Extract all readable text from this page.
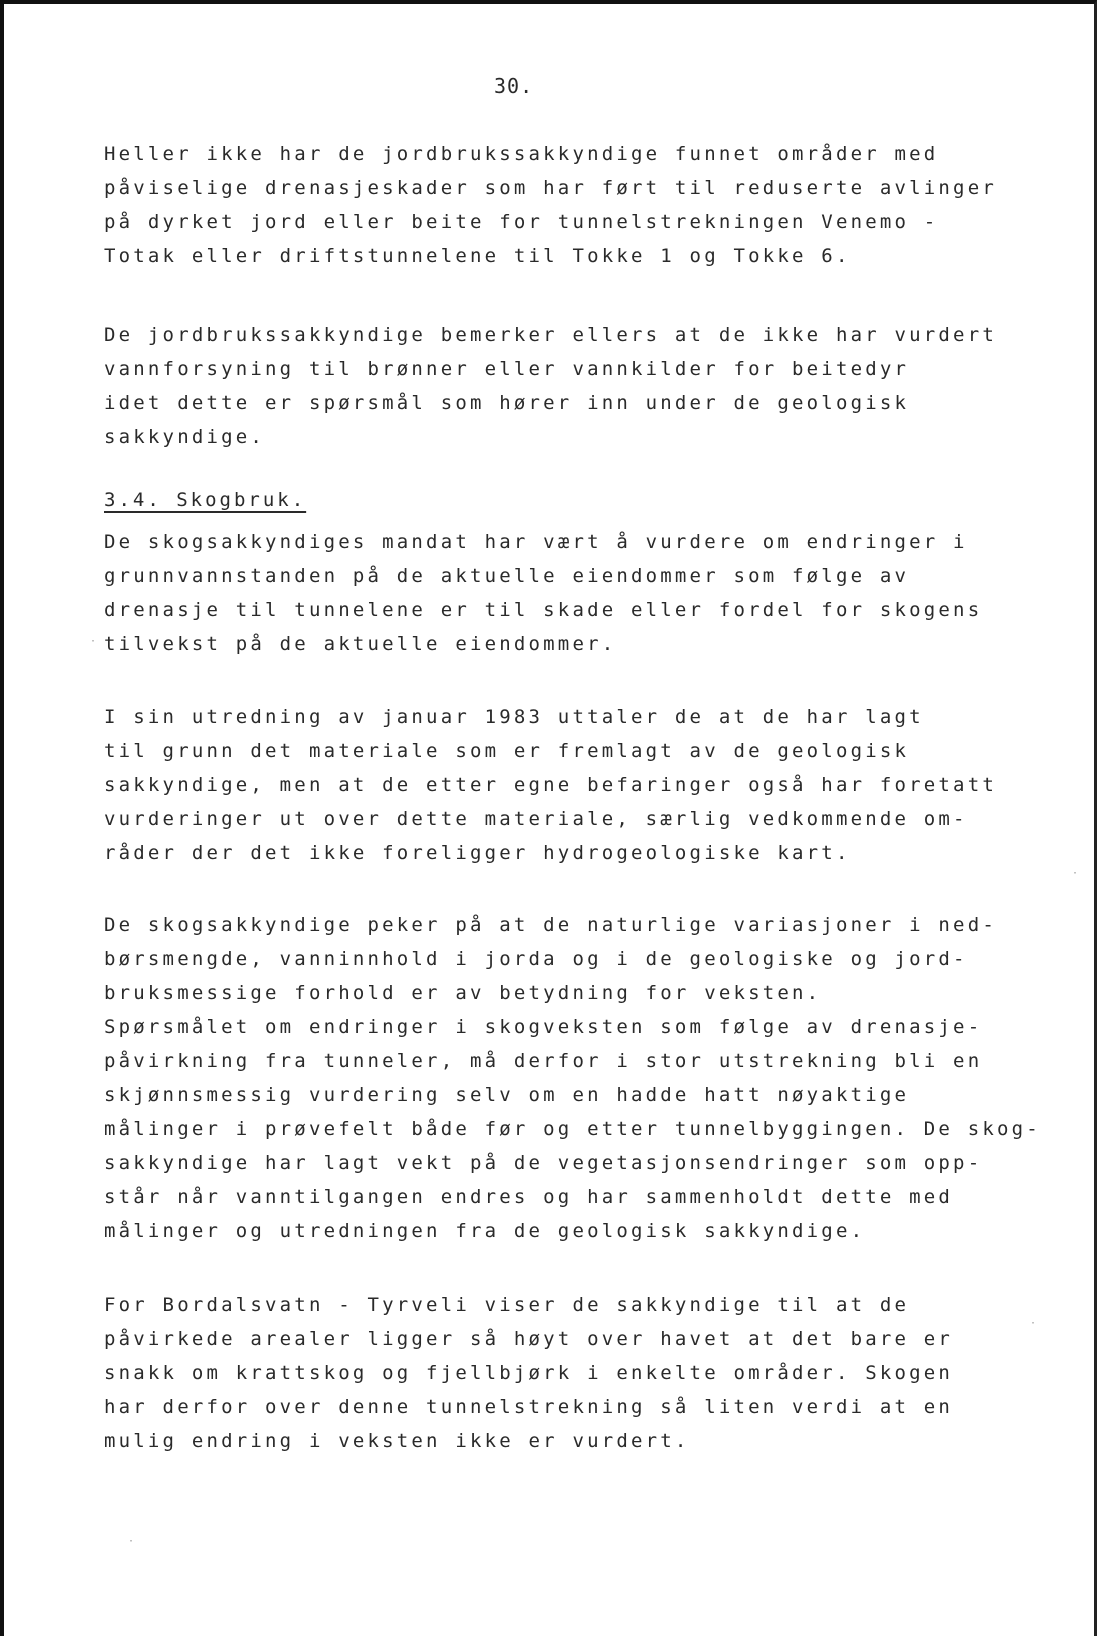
30.
Heller ikke har de jordbrukssakkyndige funnet områder med
påviselige drenasjeskader som har ført til reduserte avlinger
på dyrket jord eller beite for tunnelstrekningen Venemo -
Totak eller driftstunnelene til Tokke 1 og Tokke 6.
De jordbrukssakkyndige bemerker ellers at de ikke har vurdert
vannforsyning til brønner eller vannkilder for beitedyr
idet dette er spørsmål som hører inn under de geologisk
sakkyndige.
3.4. Skogbruk.
De skogsakkyndiges mandat har vært å vurdere om endringer i
grunnvannstanden på de aktuelle eiendommer som følge av
drenasje til tunnelene er til skade eller fordel for skogens
tilvekst på de aktuelle eiendommer.
I sin utredning av januar 1983 uttaler de at de har lagt
til grunn det materiale som er fremlagt av de geologisk
sakkyndige, men at de etter egne befaringer også har foretatt
vurderinger ut over dette materiale, særlig vedkommende om-
råder der det ikke foreligger hydrogeologiske kart.
De skogsakkyndige peker på at de naturlige variasjoner i ned-
børsmengde, vanninnhold i jorda og i de geologiske og jord-
bruksmessige forhold er av betydning for veksten.
Spørsmålet om endringer i skogveksten som følge av drenasje-
påvirkning fra tunneler, må derfor i stor utstrekning bli en
skjønnsmessig vurdering selv om en hadde hatt nøyaktige
målinger i prøvefelt både før og etter tunnelbyggingen. De skog-
sakkyndige har lagt vekt på de vegetasjonsendringer som opp-
står når vanntilgangen endres og har sammenholdt dette med
målinger og utredningen fra de geologisk sakkyndige.
For Bordalsvatn - Tyrveli viser de sakkyndige til at de
påvirkede arealer ligger så høyt over havet at det bare er
snakk om krattskog og fjellbjørk i enkelte områder. Skogen
har derfor over denne tunnelstrekning så liten verdi at en
mulig endring i veksten ikke er vurdert.
·
·
·
·
